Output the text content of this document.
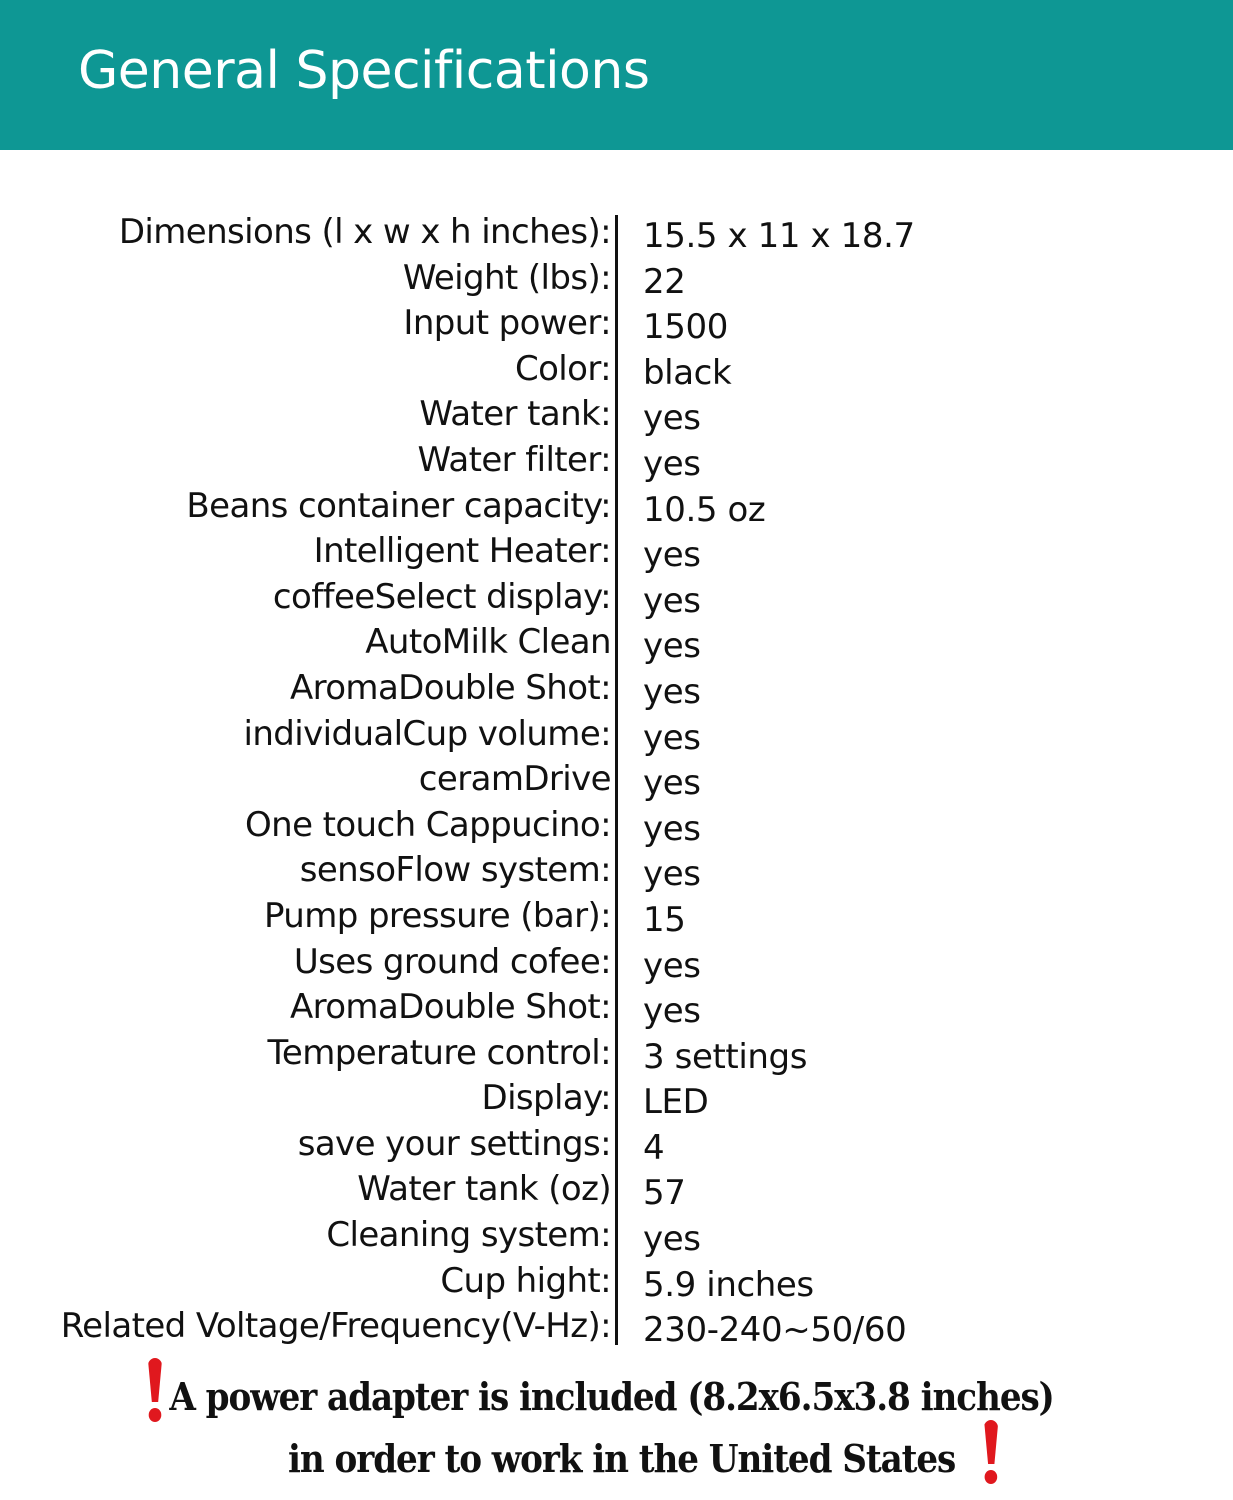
General Specifications
Dimensions (l x w x h inches): 15.5 x 11 x 18.7
Weight (lbs): 22
Input power: 1500
Color: black
Water tank: yes
Water filter: yes
Beans container capacity: 10.5 oz
Intelligent Heater: yes
coffeeSelect display: yes
AutoMilk Clean yes
AromaDouble Shot: yes
individualCup volume: yes
ceramDrive yes
One touch Cappucino: yes
sensoFlow system: yes
Pump pressure (bar): 15
Uses ground cofee: yes
AromaDouble Shot: yes
Temperature control: 3 settings
Display: LED
save your settings: 4
Water tank (oz) 57
Cleaning system: yes
Cup hight: 5.9 inches
Related Voltage/Frequency(V-Hz): 230-240~50/60
A power adapter is included (8.2x6.5x3.8 inches)
in order to work in the United States
